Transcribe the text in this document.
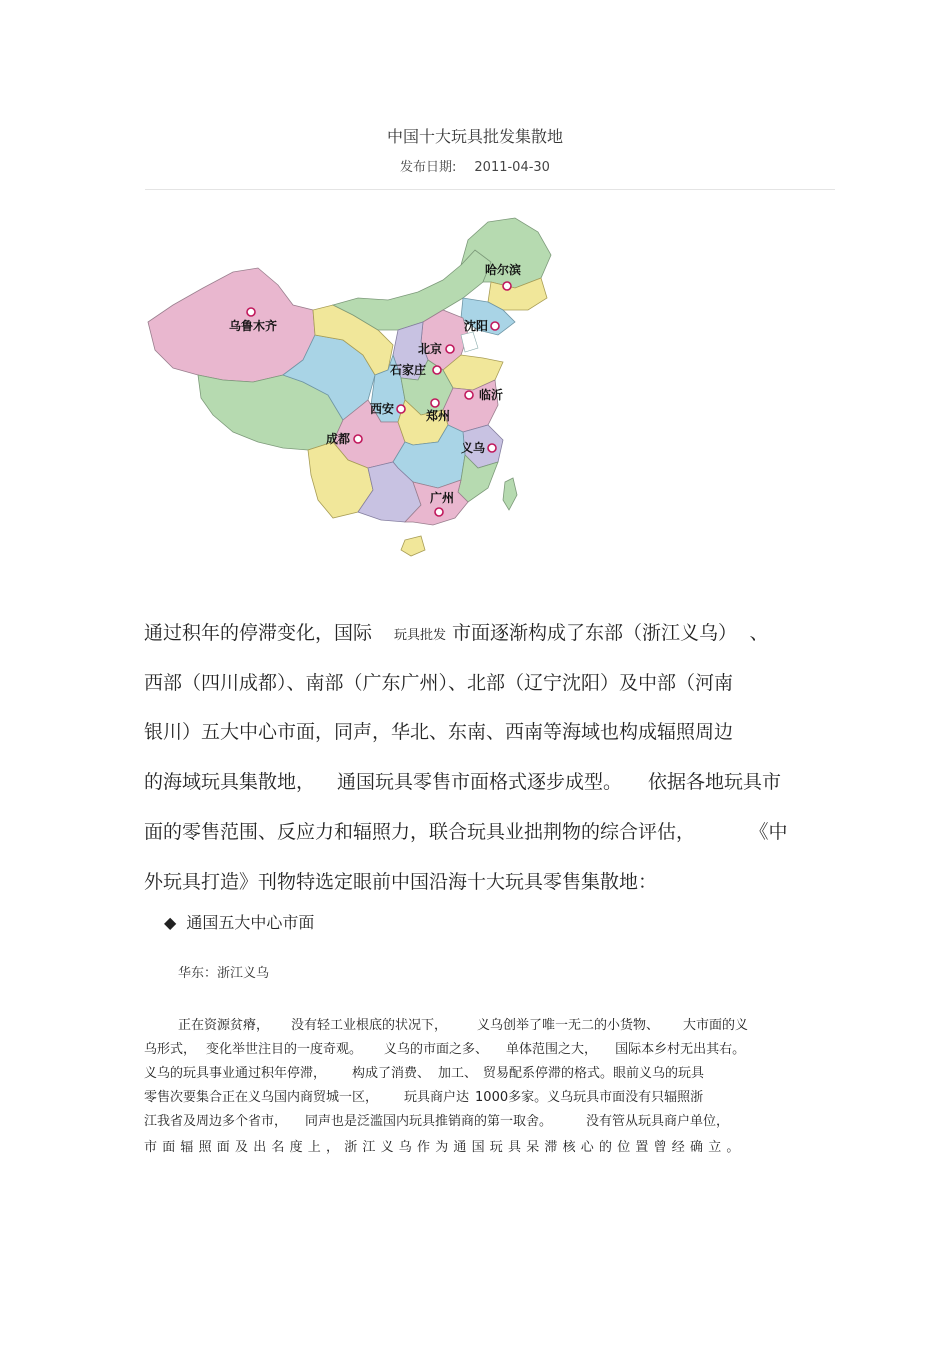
中国十大玩具批发集散地
发布日期: 2011-04-30
哈尔滨
乌鲁木齐	沈阳
北京
石家庄
临沂
西安	郑州
成都
义乌
广州
通过积年的停滞变化，国际 玩具批发 市面逐渐构成了东部（浙江义乌） 、
西部（四川成都）、南部（广东广州）、北部（辽宁沈阳）及中部（河南
银川）五大中心市面，同声，华北、东南、西南等海域也构成辐照周边
的海域玩具集散地， 通国玩具零售市面格式逐步成型。 依据各地玩具市
面的零售范围、反应力和辐照力，联合玩具业拙荆物的综合评估，	《中
外玩具打造》刊物特选定眼前中国沿海十大玩具零售集散地：
◆ 通国五大中心市面
华东：浙江义乌
正在资源贫瘠， 没有轻工业根底的状况下， 义乌创举了唯一无二的小货物、 大市面的义
乌形式， 变化举世注目的一度奇观。 义乌的市面之多、 单体范围之大， 国际本乡村无出其右。
义乌的玩具事业通过积年停滞， 构成了消费、 加工、 贸易配系停滞的格式。眼前义乌的玩具
零售次要集合正在义乌国内商贸城一区， 玩具商户达 1000多家。义乌玩具市面没有只辐照浙
江我省及周边多个省市， 同声也是泛滥国内玩具推销商的第一取舍。	没有管从玩具商户单位，
市面辐照面及出名度上，浙江义乌作为通国玩具呆滞核心的位置曾经确立。
